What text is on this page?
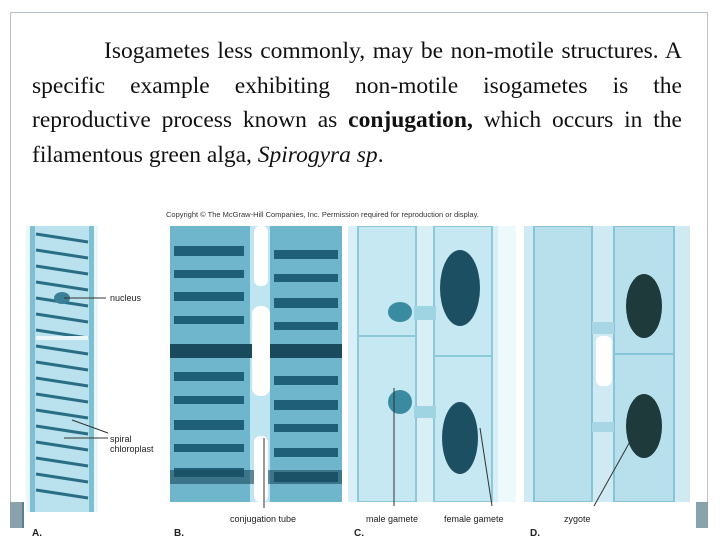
Isogametes less commonly, may be non-motile structures. A specific example exhibiting non-motile isogametes is the reproductive process known as conjugation, which occurs in the filamentous green alga, Spirogyra sp.
Copyright © The McGraw-Hill Companies, Inc. Permission required for reproduction or display.
nucleus
spiral
chloroplast
conjugation tube	male gamete	female gamete	zygote
A.	B.	C.	D.
